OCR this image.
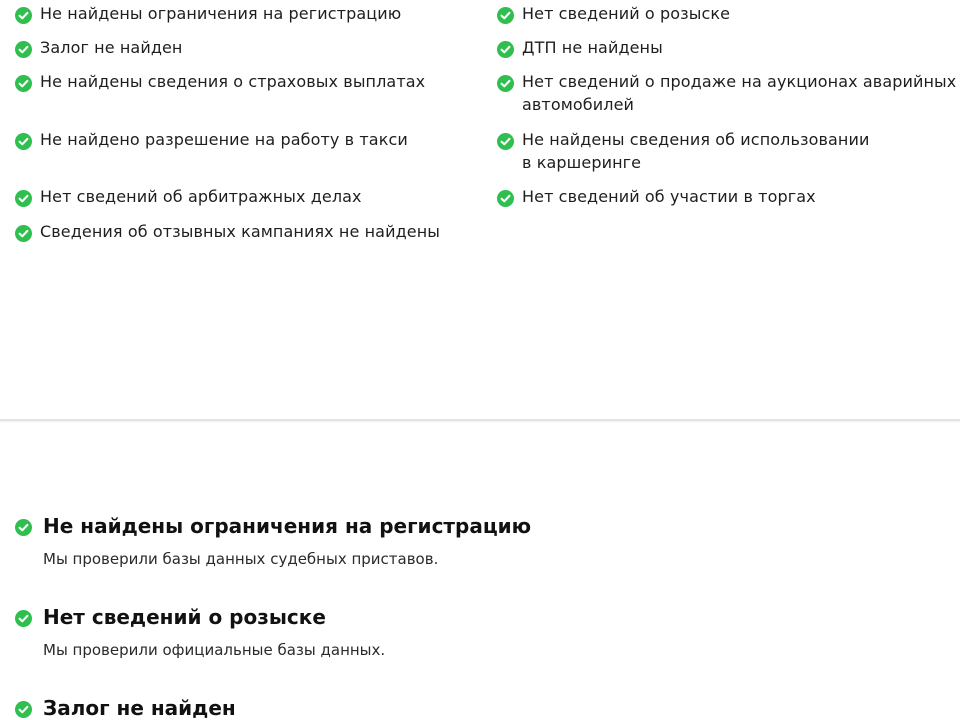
Не найдены ограничения на регистрацию
Залог не найден
Не найдены сведения о страховых выплатах
Не найдено разрешение на работу в такси
Нет сведений об арбитражных делах
Сведения об отзывных кампаниях не найдены
Нет сведений о розыске
ДТП не найдены
Нет сведений о продаже на аукционах аварийных автомобилей
Не найдены сведения об использовании в каршеринге
Нет сведений об участии в торгах
Не найдены ограничения на регистрацию
Мы проверили базы данных судебных приставов.
Нет сведений о розыске
Мы проверили официальные базы данных.
Залог не найден
